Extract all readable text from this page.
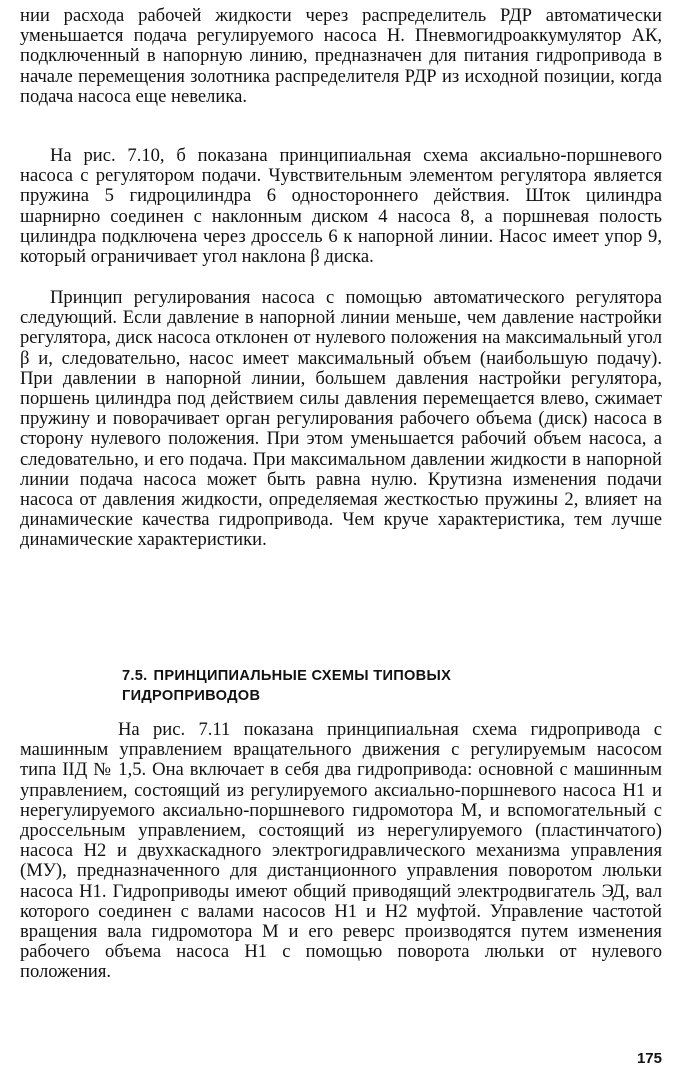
нии расхода рабочей жидкости через распределитель РДР автоматически уменьшается подача регулируемого насоса Н. Пневмогидроаккумулятор АК, подключенный в напорную линию, предназначен для питания гидропривода в начале перемещения золотника распределителя РДР из исходной позиции, когда подача насоса еще невелика.

На рис. 7.10, б показана принципиальная схема аксиально-поршневого насоса с регулятором подачи. Чувствительным элементом регулятора является пружина 5 гидроцилиндра 6 одностороннего действия. Шток цилиндра шарнирно соединен с наклонным диском 4 насоса 8, а поршневая полость цилиндра подключена через дроссель 6 к напорной линии. Насос имеет упор 9, который ограничивает угол наклона β диска.

Принцип регулирования насоса с помощью автоматического регулятора следующий. Если давление в напорной линии меньше, чем давление настройки регулятора, диск насоса отклонен от нулевого положения на максимальный угол β и, следовательно, насос имеет максимальный объем (наибольшую подачу). При давлении в напорной линии, большем давления настройки регулятора, поршень цилиндра под действием силы давления перемещается влево, сжимает пружину и поворачивает орган регулирования рабочего объема (диск) насоса в сторону нулевого положения. При этом уменьшается рабочий объем насоса, а следовательно, и его подача. При максимальном давлении жидкости в напорной линии подача насоса может быть равна нулю. Крутизна изменения подачи насоса от давления жидкости, определяемая жесткостью пружины 2, влияет на динамические качества гидропривода. Чем круче характеристика, тем лучше динамические характеристики.

7.5. ПРИНЦИПИАЛЬНЫЕ СХЕМЫ ТИПОВЫХ
ГИДРОПРИВОДОВ

На рис. 7.11 показана принципиальная схема гидропривода с машинным управлением вращательного движения с регулируемым насосом типа IIД № 1,5. Она включает в себя два гидропривода: основной с машинным управлением, состоящий из регулируемого аксиально-поршневого насоса Н1 и нерегулируемого аксиально-поршневого гидромотора М, и вспомогательный с дроссельным управлением, состоящий из нерегулируемого (пластинчатого) насоса Н2 и двухкаскадного электрогидравлического механизма управления (МУ), предназначенного для дистанционного управления поворотом люльки насоса Н1. Гидроприводы имеют общий приводящий электродвигатель ЭД, вал которого соединен с валами насосов Н1 и Н2 муфтой. Управление частотой вращения вала гидромотора М и его реверс производятся путем изменения рабочего объема насоса Н1 с помощью поворота люльки от нулевого положения.

175
